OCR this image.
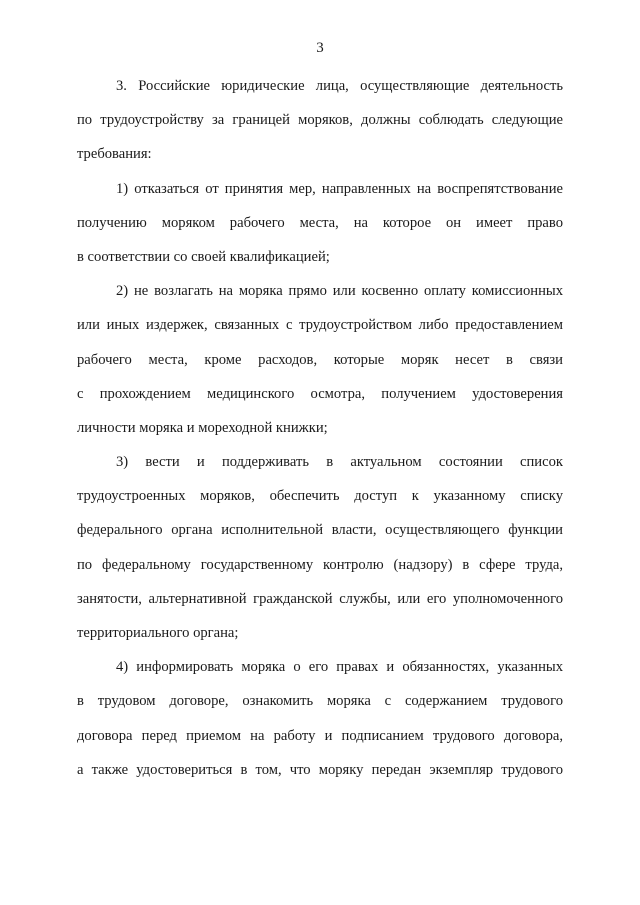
3
3. Российские юридические лица, осуществляющие деятельность
по трудоустройству за границей моряков, должны соблюдать следующие
требования:
1) отказаться от принятия мер, направленных на воспрепятствование
получению моряком рабочего места, на которое он имеет право
в соответствии со своей квалификацией;
2) не возлагать на моряка прямо или косвенно оплату комиссионных
или иных издержек, связанных с трудоустройством либо предоставлением
рабочего места, кроме расходов, которые моряк несет в связи
с прохождением медицинского осмотра, получением удостоверения
личности моряка и мореходной книжки;
3) вести и поддерживать в актуальном состоянии список
трудоустроенных моряков, обеспечить доступ к указанному списку
федерального органа исполнительной власти, осуществляющего функции
по федеральному государственному контролю (надзору) в сфере труда,
занятости, альтернативной гражданской службы, или его уполномоченного
территориального органа;
4) информировать моряка о его правах и обязанностях, указанных
в трудовом договоре, ознакомить моряка с содержанием трудового
договора перед приемом на работу и подписанием трудового договора,
а также удостовериться в том, что моряку передан экземпляр трудового
